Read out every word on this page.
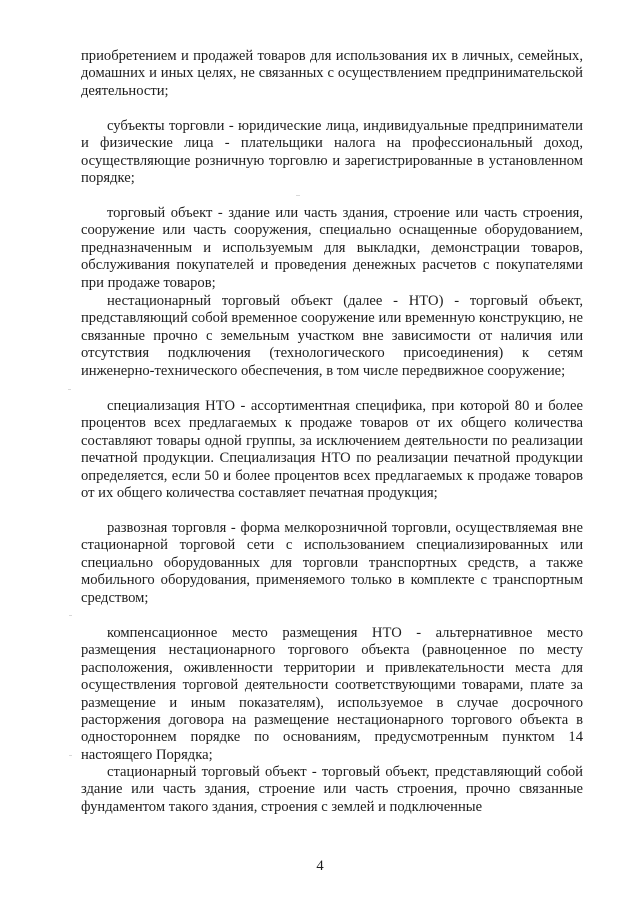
приобретением и продажей товаров для использования их в личных, семейных, домашних и иных целях, не связанных с осуществлением предпринимательской деятельности;

субъекты торговли - юридические лица, индивидуальные предприниматели и физические лица - плательщики налога на профессиональный доход, осуществляющие розничную торговлю и зарегистрированные в установленном порядке;

торговый объект - здание или часть здания, строение или часть строения, сооружение или часть сооружения, специально оснащенные оборудованием, предназначенным и используемым для выкладки, демонстрации товаров, обслуживания покупателей и проведения денежных расчетов с покупателями при продаже товаров;

нестационарный торговый объект (далее - НТО) - торговый объект, представляющий собой временное сооружение или временную конструкцию, не связанные прочно с земельным участком вне зависимости от наличия или отсутствия подключения (технологического присоединения) к сетям инженерно-технического обеспечения, в том числе передвижное сооружение;

специализация НТО - ассортиментная специфика, при которой 80 и более процентов всех предлагаемых к продаже товаров от их общего количества составляют товары одной группы, за исключением деятельности по реализации печатной продукции. Специализация НТО по реализации печатной продукции определяется, если 50 и более процентов всех предлагаемых к продаже товаров от их общего количества составляет печатная продукция;

развозная торговля - форма мелкорозничной торговли, осуществляемая вне стационарной торговой сети с использованием специализированных или специально оборудованных для торговли транспортных средств, а также мобильного оборудования, применяемого только в комплекте с транспортным средством;

компенсационное место размещения НТО - альтернативное место размещения нестационарного торгового объекта (равноценное по месту расположения, оживленности территории и привлекательности места для осуществления торговой деятельности соответствующими товарами, плате за размещение и иным показателям), используемое в случае досрочного расторжения договора на размещение нестационарного торгового объекта в одностороннем порядке по основаниям, предусмотренным пунктом 14 настоящего Порядка;

стационарный торговый объект - торговый объект, представляющий собой здание или часть здания, строение или часть строения, прочно связанные фундаментом такого здания, строения с землей и подключенные

4
